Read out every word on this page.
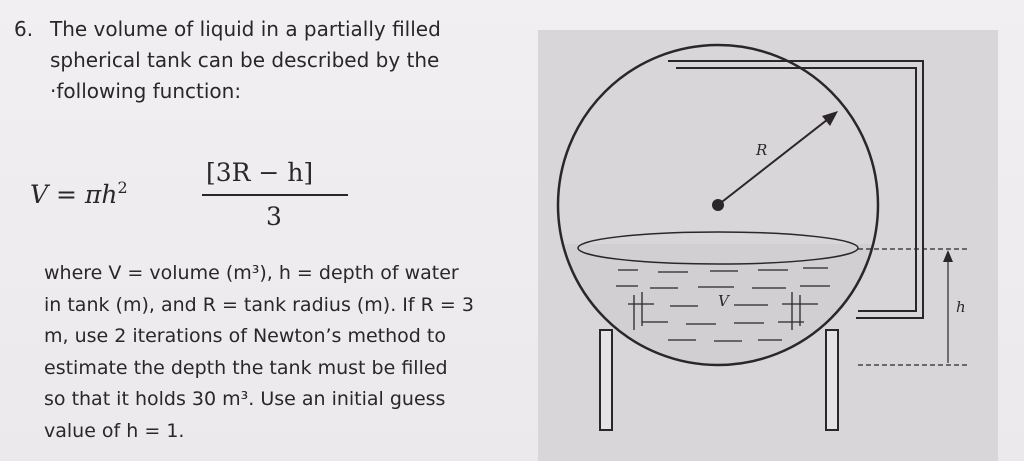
6. The volume of liquid in a partially filled
spherical tank can be described by the
·following function:

$V = \pi h^2$
[3R − h]
3

where V = volume (m³), h = depth of water
in tank (m), and R = tank radius (m). If R = 3
m, use 2 iterations of Newton’s method to
estimate the depth the tank must be filled
so that it holds 30 m³. Use an initial guess
value of h = 1.

R
V	h
